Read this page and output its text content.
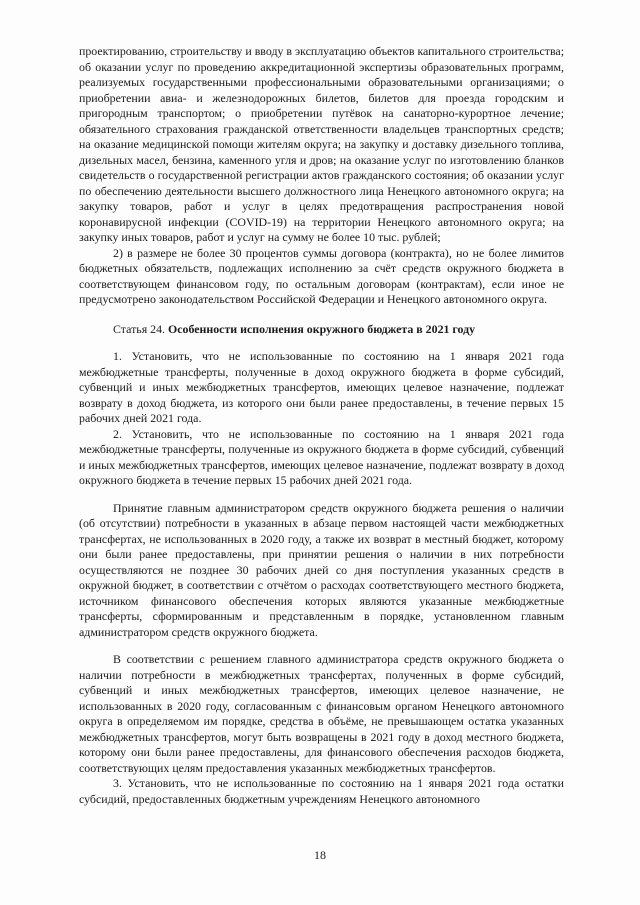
проектированию, строительству и вводу в эксплуатацию объектов капитального строительства; об оказании услуг по проведению аккредитационной экспертизы образовательных программ, реализуемых государственными профессиональными образовательными организациями; о приобретении авиа- и железнодорожных билетов, билетов для проезда городским и пригородным транспортом; о приобретении путёвок на санаторно-курортное лечение; обязательного страхования гражданской ответственности владельцев транспортных средств; на оказание медицинской помощи жителям округа; на закупку и доставку дизельного топлива, дизельных масел, бензина, каменного угля и дров; на оказание услуг по изготовлению бланков свидетельств о государственной регистрации актов гражданского состояния; об оказании услуг по обеспечению деятельности высшего должностного лица Ненецкого автономного округа; на закупку товаров, работ и услуг в целях предотвращения распространения новой коронавирусной инфекции (COVID-19) на территории Ненецкого автономного округа; на закупку иных товаров, работ и услуг на сумму не более 10 тыс. рублей;

2) в размере не более 30 процентов суммы договора (контракта), но не более лимитов бюджетных обязательств, подлежащих исполнению за счёт средств окружного бюджета в соответствующем финансовом году, по остальным договорам (контрактам), если иное не предусмотрено законодательством Российской Федерации и Ненецкого автономного округа.

Статья 24. Особенности исполнения окружного бюджета в 2021 году

1. Установить, что не использованные по состоянию на 1 января 2021 года межбюджетные трансферты, полученные в доход окружного бюджета в форме субсидий, субвенций и иных межбюджетных трансфертов, имеющих целевое назначение, подлежат возврату в доход бюджета, из которого они были ранее предоставлены, в течение первых 15 рабочих дней 2021 года.

2. Установить, что не использованные по состоянию на 1 января 2021 года межбюджетные трансферты, полученные из окружного бюджета в форме субсидий, субвенций и иных межбюджетных трансфертов, имеющих целевое назначение, подлежат возврату в доход окружного бюджета в течение первых 15 рабочих дней 2021 года.

Принятие главным администратором средств окружного бюджета решения о наличии (об отсутствии) потребности в указанных в абзаце первом настоящей части межбюджетных трансфертах, не использованных в 2020 году, а также их возврат в местный бюджет, которому они были ранее предоставлены, при принятии решения о наличии в них потребности осуществляются не позднее 30 рабочих дней со дня поступления указанных средств в окружной бюджет, в соответствии с отчётом о расходах соответствующего местного бюджета, источником финансового обеспечения которых являются указанные межбюджетные трансферты, сформированным и представленным в порядке, установленном главным администратором средств окружного бюджета.

В соответствии с решением главного администратора средств окружного бюджета о наличии потребности в межбюджетных трансфертах, полученных в форме субсидий, субвенций и иных межбюджетных трансфертов, имеющих целевое назначение, не использованных в 2020 году, согласованным с финансовым органом Ненецкого автономного округа в определяемом им порядке, средства в объёме, не превышающем остатка указанных межбюджетных трансфертов, могут быть возвращены в 2021 году в доход местного бюджета, которому они были ранее предоставлены, для финансового обеспечения расходов бюджета, соответствующих целям предоставления указанных межбюджетных трансфертов.

3. Установить, что не использованные по состоянию на 1 января 2021 года остатки субсидий, предоставленных бюджетным учреждениям Ненецкого автономного

18
